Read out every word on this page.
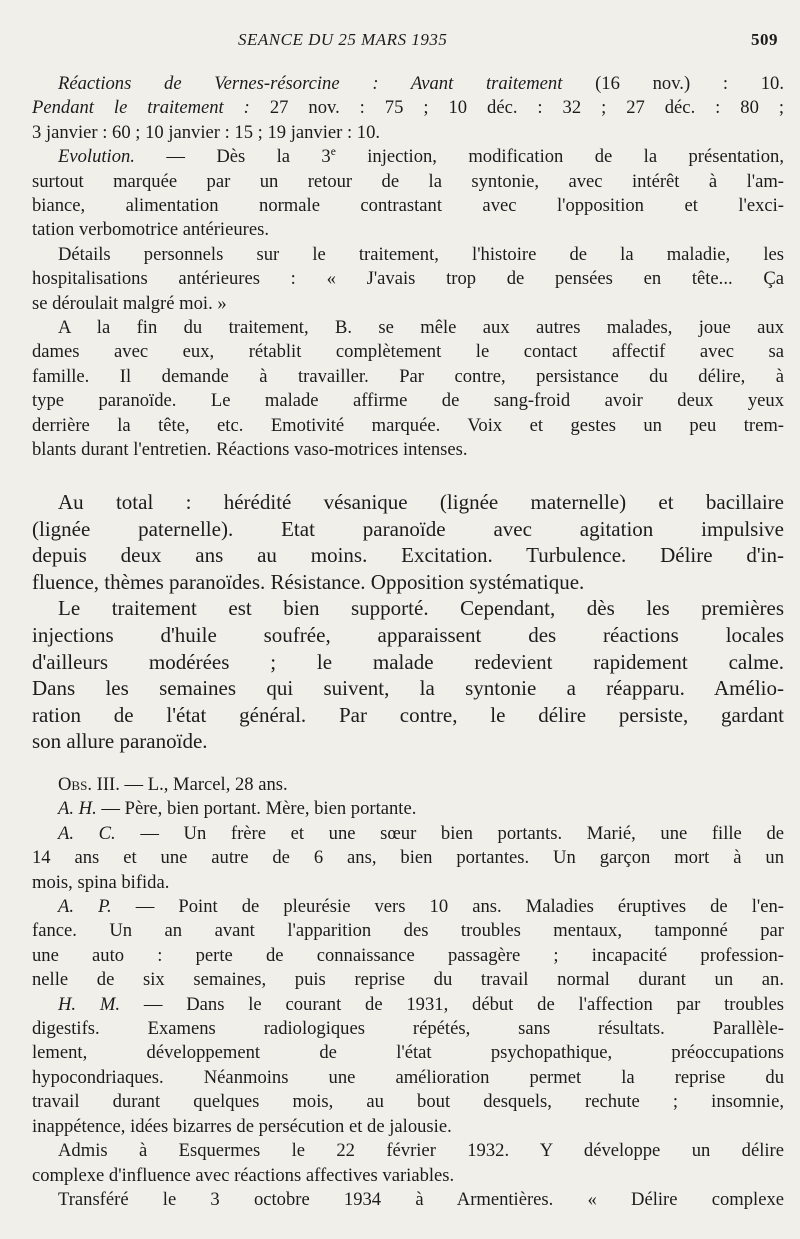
SEANCE DU 25 MARS 1935	509

Réactions de Vernes-résorcine : Avant traitement (16 nov.) : 10.

Pendant le traitement : 27 nov. : 75 ; 10 déc. : 32 ; 27 déc. : 80 ;

3 janvier : 60 ; 10 janvier : 15 ; 19 janvier : 10.

Evolution. — Dès la 3e injection, modification de la présentation,

surtout marquée par un retour de la syntonie, avec intérêt à l'am-

biance, alimentation normale contrastant avec l'opposition et l'exci-

tation verbomotrice antérieures.

Détails personnels sur le traitement, l'histoire de la maladie, les

hospitalisations antérieures : « J'avais trop de pensées en tête... Ça

se déroulait malgré moi. »

A la fin du traitement, B. se mêle aux autres malades, joue aux

dames avec eux, rétablit complètement le contact affectif avec sa

famille. Il demande à travailler. Par contre, persistance du délire, à

type paranoïde. Le malade affirme de sang-froid avoir deux yeux

derrière la tête, etc. Emotivité marquée. Voix et gestes un peu trem-

blants durant l'entretien. Réactions vaso-motrices intenses.

Au total : hérédité vésanique (lignée maternelle) et bacillaire

(lignée paternelle). Etat paranoïde avec agitation impulsive

depuis deux ans au moins. Excitation. Turbulence. Délire d'in-

fluence, thèmes paranoïdes. Résistance. Opposition systématique.

Le traitement est bien supporté. Cependant, dès les premières

injections d'huile soufrée, apparaissent des réactions locales

d'ailleurs modérées ; le malade redevient rapidement calme.

Dans les semaines qui suivent, la syntonie a réapparu. Amélio-

ration de l'état général. Par contre, le délire persiste, gardant

son allure paranoïde.

Obs. III. — L., Marcel, 28 ans.

A. H. — Père, bien portant. Mère, bien portante.

A. C. — Un frère et une sœur bien portants. Marié, une fille de

14 ans et une autre de 6 ans, bien portantes. Un garçon mort à un

mois, spina bifida.

A. P. — Point de pleurésie vers 10 ans. Maladies éruptives de l'en-

fance. Un an avant l'apparition des troubles mentaux, tamponné par

une auto : perte de connaissance passagère ; incapacité profession-

nelle de six semaines, puis reprise du travail normal durant un an.

H. M. — Dans le courant de 1931, début de l'affection par troubles

digestifs. Examens radiologiques répétés, sans résultats. Parallèle-

lement, développement de l'état psychopathique, préoccupations

hypocondriaques. Néanmoins une amélioration permet la reprise du

travail durant quelques mois, au bout desquels, rechute ; insomnie,

inappétence, idées bizarres de persécution et de jalousie.

Admis à Esquermes le 22 février 1932. Y développe un délire

complexe d'influence avec réactions affectives variables.

Transféré le 3 octobre 1934 à Armentières. « Délire complexe
